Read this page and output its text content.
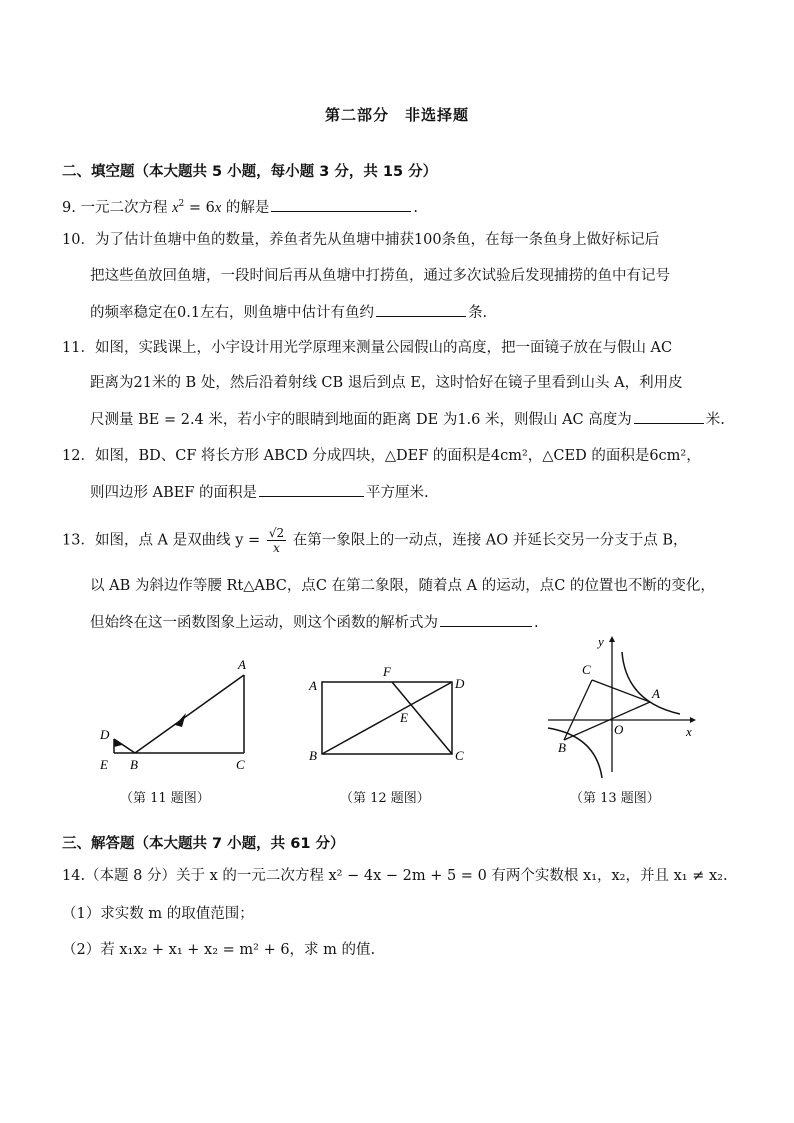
第二部分　非选择题
二、填空题（本大题共 5 小题，每小题 3 分，共 15 分）
9. 一元二次方程 $x^2 = 6x$ 的解是	.
10．为了估计鱼塘中鱼的数量，养鱼者先从鱼塘中捕获100条鱼，在每一条鱼身上做好标记后
把这些鱼放回鱼塘，一段时间后再从鱼塘中打捞鱼，通过多次试验后发现捕捞的鱼中有记号
的频率稳定在0.1左右，则鱼塘中估计有鱼约	条.
11．如图，实践课上，小宇设计用光学原理来测量公园假山的高度，把一面镜子放在与假山 AC
距离为21米的 B 处，然后沿着射线 CB 退后到点 E，这时恰好在镜子里看到山头 A，利用皮
尺测量 BE = 2.4 米，若小宇的眼睛到地面的距离 DE 为1.6 米，则假山 AC 高度为	米.
12．如图，BD、CF 将长方形 ABCD 分成四块，△DEF 的面积是4cm²，△CED 的面积是6cm²，
则四边形 ABEF 的面积是	平方厘米.
13．如图，点 A 是双曲线 $y = \frac{√2}{x}$ 在第一象限上的一动点，连接 AO 并延长交另一分支于点 B，
以 AB 为斜边作等腰 Rt△ABC，点C 在第二象限，随着点 A 的运动，点C 的位置也不断的变化，
但始终在这一函数图象上运动，则这个函数的解析式为	.
A
B	C
D
E
（第 11 题图）
A
B	C
D
E
F
（第 12 题图）
A
B
C
O	x
y
（第 13 题图）
三、解答题（本大题共 7 小题，共 61 分）
14.（本题 8 分）关于 x 的一元二次方程 x² − 4x − 2m + 5 = 0 有两个实数根 x₁，x₂，并且 x₁ ≠ x₂.
（1）求实数 m 的取值范围；
（2）若 x₁x₂ + x₁ + x₂ = m² + 6，求 m 的值.
